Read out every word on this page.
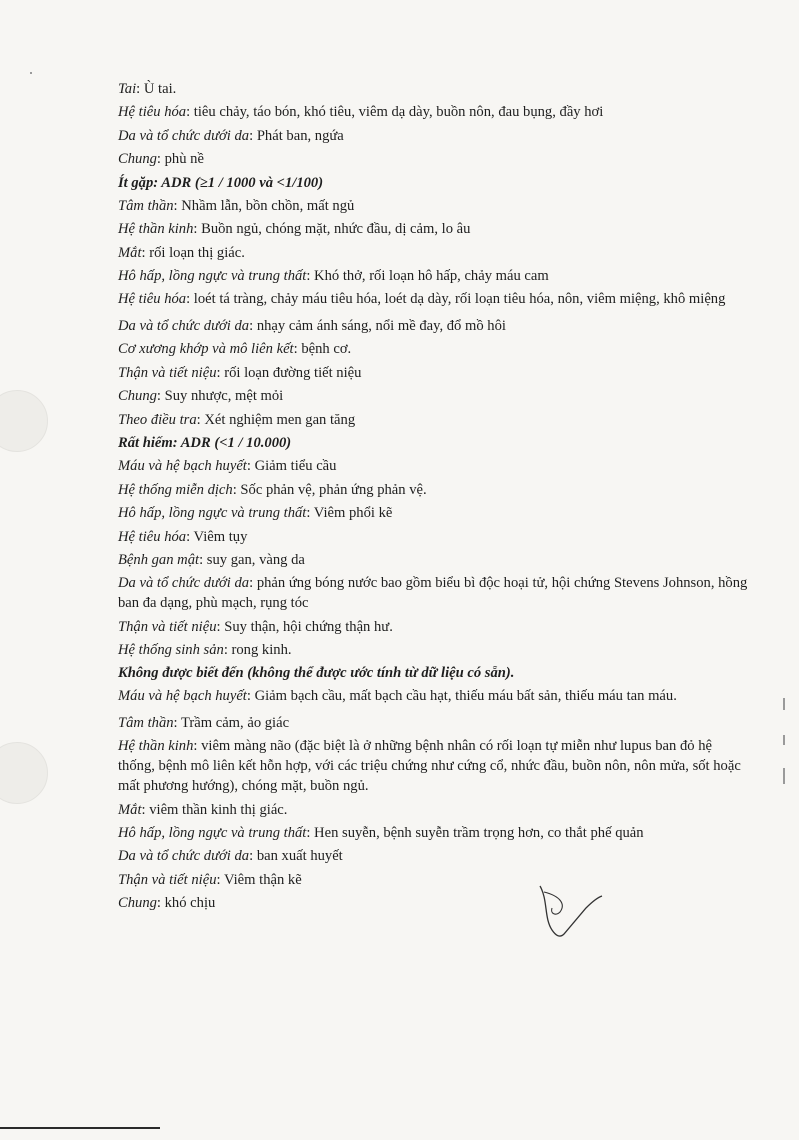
Tai: Ù tai.
Hệ tiêu hóa: tiêu chảy, táo bón, khó tiêu, viêm dạ dày, buồn nôn, đau bụng, đầy hơi
Da và tổ chức dưới da: Phát ban, ngứa
Chung: phù nề
Ít gặp: ADR (≥1 / 1000 và <1/100)
Tâm thần: Nhầm lẫn, bồn chồn, mất ngủ
Hệ thần kinh: Buồn ngủ, chóng mặt, nhức đầu, dị cảm, lo âu
Mắt: rối loạn thị giác.
Hô hấp, lồng ngực và trung thất: Khó thở, rối loạn hô hấp, chảy máu cam
Hệ tiêu hóa: loét tá tràng, chảy máu tiêu hóa, loét dạ dày, rối loạn tiêu hóa, nôn, viêm miệng, khô miệng
Da và tổ chức dưới da: nhạy cảm ánh sáng, nổi mề đay, đổ mồ hôi
Cơ xương khớp và mô liên kết: bệnh cơ.
Thận và tiết niệu: rối loạn đường tiết niệu
Chung: Suy nhược, mệt mỏi
Theo điều tra: Xét nghiệm men gan tăng
Rất hiếm: ADR (<1 / 10.000)
Máu và hệ bạch huyết: Giảm tiểu cầu
Hệ thống miễn dịch: Sốc phản vệ, phản ứng phản vệ.
Hô hấp, lồng ngực và trung thất: Viêm phổi kẽ
Hệ tiêu hóa: Viêm tụy
Bệnh gan mật: suy gan, vàng da
Da và tổ chức dưới da: phản ứng bóng nước bao gồm biểu bì độc hoại tử, hội chứng Stevens Johnson, hồng ban đa dạng, phù mạch, rụng tóc
Thận và tiết niệu: Suy thận, hội chứng thận hư.
Hệ thống sinh sản: rong kinh.
Không được biết đến (không thể được ước tính từ dữ liệu có sẵn).
Máu và hệ bạch huyết: Giảm bạch cầu, mất bạch cầu hạt, thiếu máu bất sản, thiếu máu tan máu.
Tâm thần: Trầm cảm, ảo giác
Hệ thần kinh: viêm màng não (đặc biệt là ở những bệnh nhân có rối loạn tự miễn như lupus ban đỏ hệ thống, bệnh mô liên kết hỗn hợp, với các triệu chứng như cứng cổ, nhức đầu, buồn nôn, nôn mửa, sốt hoặc mất phương hướng), chóng mặt, buồn ngủ.
Mắt: viêm thần kinh thị giác.
Hô hấp, lồng ngực và trung thất: Hen suyễn, bệnh suyễn trầm trọng hơn, co thắt phế quản
Da và tổ chức dưới da: ban xuất huyết
Thận và tiết niệu: Viêm thận kẽ
Chung: khó chịu
